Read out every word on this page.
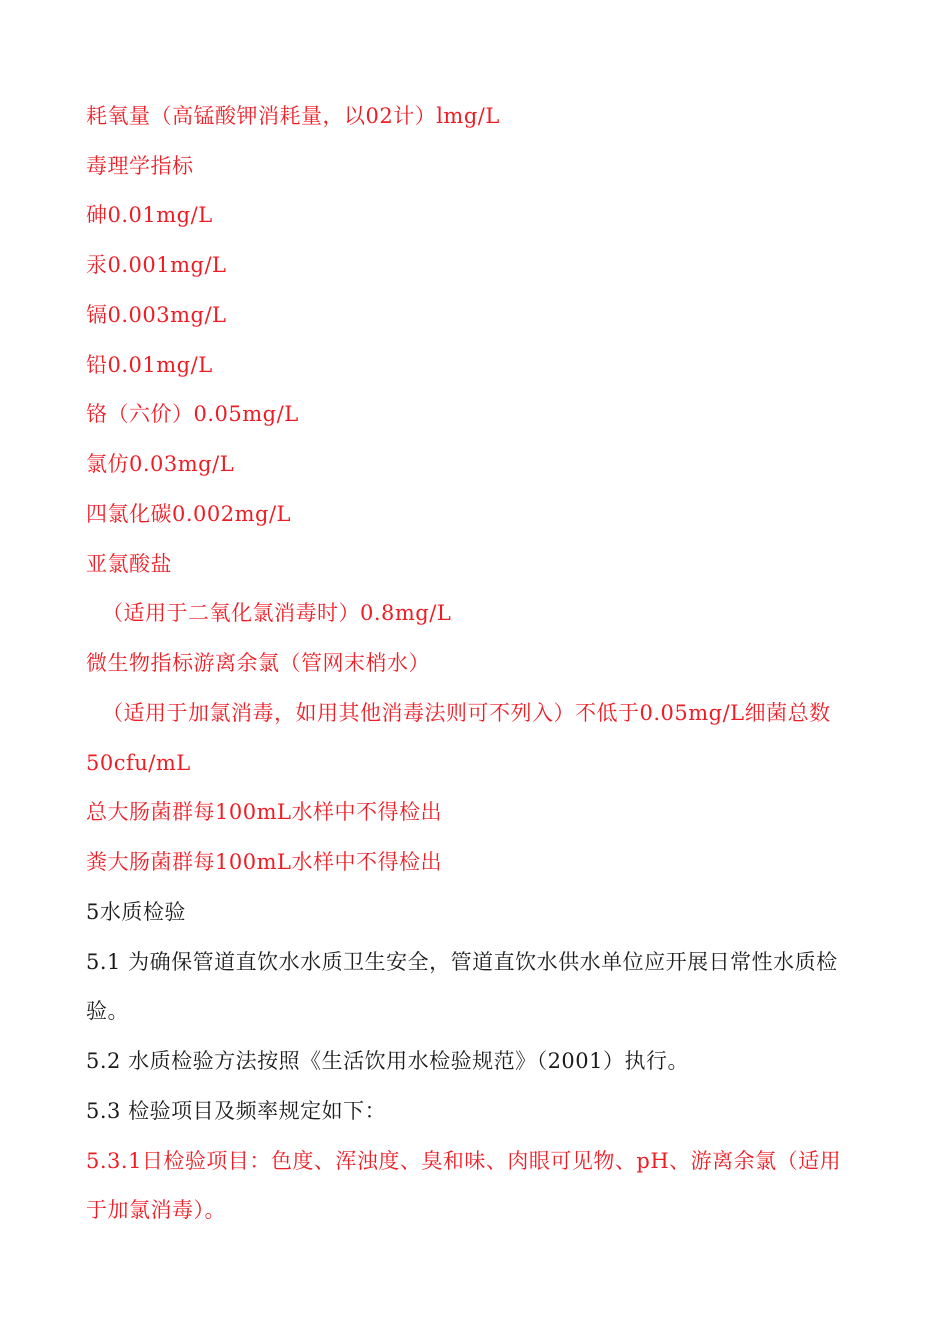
耗氧量（高锰酸钾消耗量，以02计）lmg/L
毒理学指标
砷0.01mg/L
汞0.001mg/L
镉0.003mg/L
铅0.01mg/L
铬（六价）0.05mg/L
氯仿0.03mg/L
四氯化碳0.002mg/L
亚氯酸盐
（适用于二氧化氯消毒时）0.8mg/L
微生物指标游离余氯（管网末梢水）
（适用于加氯消毒，如用其他消毒法则可不列入）不低于0.05mg/L细菌总数
50cfu/mL
总大肠菌群每100mL水样中不得检出
粪大肠菌群每100mL水样中不得检出
5水质检验
5.1 为确保管道直饮水水质卫生安全，管道直饮水供水单位应开展日常性水质检
验。
5.2 水质检验方法按照《生活饮用水检验规范》（2001）执行。
5.3 检验项目及频率规定如下：
5.3.1日检验项目：色度、浑浊度、臭和味、肉眼可见物、pH、游离余氯（适用
于加氯消毒）。
